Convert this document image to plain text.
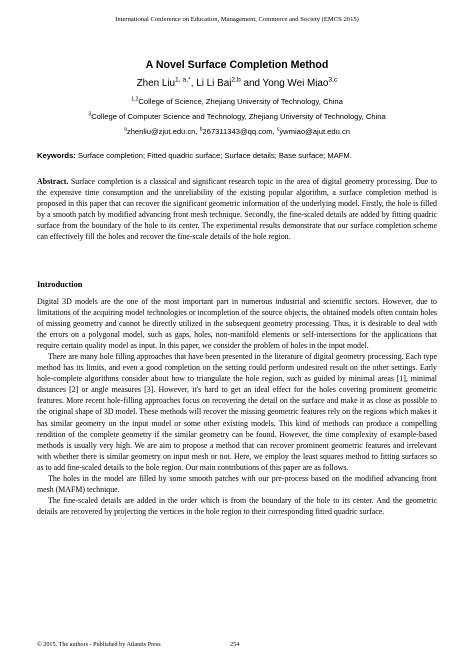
International Conference on Education, Management, Commerce and Society (EMCS 2015)
A Novel Surface Completion Method
Zhen Liu$^{1, a,*}$, Li Li Bai$^{2,b}$ and Yong Wei Miao$^{3,c}$
$^{1,2}$College of Science, Zhejiang University of Technology, China
$^3$College of Computer Science and Technology, Zhejiang University of Technology, China
$^a$zhenliu@zjut.edu.cn, $^b$267311343@qq.com, $^c$ywmiao@ajut.edu.cn
Keywords: Surface completion; Fitted quadric surface; Surface details; Base surface; MAFM.
Abstract. Surface completion is a classical and significant research topic in the area of digital geometry processing. Due to the expensive time consumption and the unreliability of the existing popular algorithm, a surface completion method is proposed in this paper that can recover the significant geometric information of the underlying model. Firstly, the hole is filled by a smooth patch by modified advancing front mesh technique. Secondly, the fine-scaled details are added by fitting quadric surface from the boundary of the hole to its center. The experimental results demonstrate that our surface completion scheme can effectively fill the holes and recover the fine-scale details of the hole region.
Introduction

Digital 3D models are the one of the most important part in numerous industrial and scientific sectors. However, due to limitations of the acquiring model technologies or incompletion of the source objects, the obtained models often contain holes of missing geometry and cannot be directly utilized in the subsequent geometry processing. Thus, it is desirable to deal with the errors on a polygonal model, such as gaps, holes, non-manifold elements or self-intersections for the applications that require certain quality model as input. In this paper, we consider the problem of holes in the input model.

There are many hole filling approaches that have been presented in the literature of digital geometry processing. Each type method has its limits, and even a good completion on the setting could perform undesired result on the other settings. Early hole-complete algorithms consider about how to triangulate the hole region, such as guided by minimal areas [1], minimal distances [2] or angle measures [3]. However, it's hard to get an ideal effect for the holes covering prominent geometric features. More recent hole-filling approaches focus on recovering the detail on the surface and make it as close as possible to the original shape of 3D model. These methods will recover the missing geometric features rely on the regions which makes it has similar geometry on the input model or some other existing models. This kind of methods can produce a compelling rendition of the complete geometry if the similar geometry can be found. However, the time complexity of example-based methods is usually very high. We are aim to propose a method that can recover prominent geometric features and irrelevant with whether there is similar geometry on input mesh or not. Here, we employ the least squares method to fitting surfaces so as to add fine-scaled details to the hole region. Our main contributions of this paper are as follows.

The holes in the model are filled by some smooth patches with our pre-process based on the modified advancing front mesh (MAFM) technique.

The fine-scaled details are added in the order which is from the boundary of the hole to its center. And the geometric details are recovered by projecting the vertices in the hole region to their corresponding fitted quadric surface.

© 2015. The authors - Published by Atlantis Press	254
